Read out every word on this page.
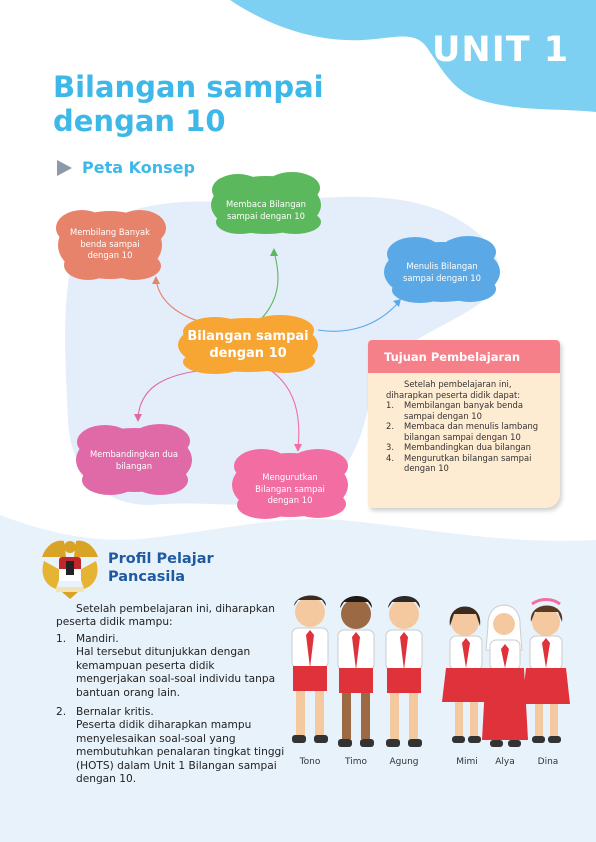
UNIT 1
Bilangan sampai dengan 10
Peta Konsep
Membilang Banyak benda sampai dengan 10
Membaca Bilangan sampai dengan 10
Menulis Bilangan sampai dengan 10
Bilangan sampai dengan 10
Membandingkan dua bilangan
Mengurutkan Bilangan sampai dengan 10
Tujuan Pembelajaran
Setelah pembelajaran ini, diharapkan peserta didik dapat:
1.	Membilangan banyak benda sampai dengan 10
2.	Membaca dan menulis lambang bilangan sampai dengan 10
3.	Membandingkan dua bilangan
4.	Mengurutkan bilangan sampai dengan 10
Profil Pelajar Pancasila
Setelah pembelajaran ini, diharapkan peserta didik mampu:
1. Mandiri.
Hal tersebut ditunjukkan dengan kemampuan peserta didik mengerjakan soal-soal individu tanpa bantuan orang lain.
2. Bernalar kritis.
Peserta didik diharapkan mampu menyelesaikan soal-soal yang membutuhkan penalaran tingkat tinggi (HOTS) dalam Unit 1 Bilangan sampai dengan 10.
Tono	Timo	Agung	Mimi	Alya	Dina
